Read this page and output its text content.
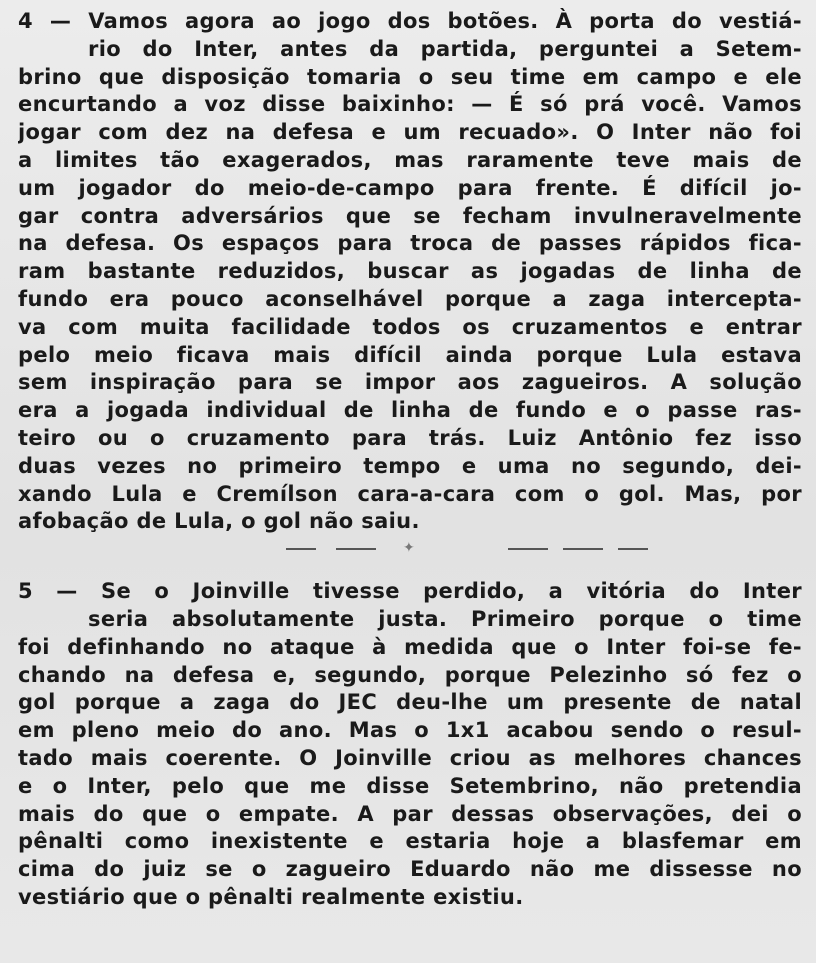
4 — Vamos agora ao jogo dos botões. À porta do vestiá-
rio do Inter, antes da partida, perguntei a Setem-
brino que disposição tomaria o seu time em campo e ele
encurtando a voz disse baixinho: — É só prá você. Vamos
jogar com dez na defesa e um recuado». O Inter não foi
a limites tão exagerados, mas raramente teve mais de
um jogador do meio-de-campo para frente. É difícil jo-
gar contra adversários que se fecham invulneravelmente
na defesa. Os espaços para troca de passes rápidos fica-
ram bastante reduzidos, buscar as jogadas de linha de
fundo era pouco aconselhável porque a zaga intercepta-
va com muita facilidade todos os cruzamentos e entrar
pelo meio ficava mais difícil ainda porque Lula estava
sem inspiração para se impor aos zagueiros. A solução
era a jogada individual de linha de fundo e o passe ras-
teiro ou o cruzamento para trás. Luiz Antônio fez isso
duas vezes no primeiro tempo e uma no segundo, dei-
xando Lula e Cremílson cara-a-cara com o gol. Mas, por
afobação de Lula, o gol não saiu.
✦
5 — Se o Joinville tivesse perdido, a vitória do Inter
seria absolutamente justa. Primeiro porque o time
foi definhando no ataque à medida que o Inter foi-se fe-
chando na defesa e, segundo, porque Pelezinho só fez o
gol porque a zaga do JEC deu-lhe um presente de natal
em pleno meio do ano. Mas o 1x1 acabou sendo o resul-
tado mais coerente. O Joinville criou as melhores chances
e o Inter, pelo que me disse Setembrino, não pretendia
mais do que o empate. A par dessas observações, dei o
pênalti como inexistente e estaria hoje a blasfemar em
cima do juiz se o zagueiro Eduardo não me dissesse no
vestiário que o pênalti realmente existiu.
